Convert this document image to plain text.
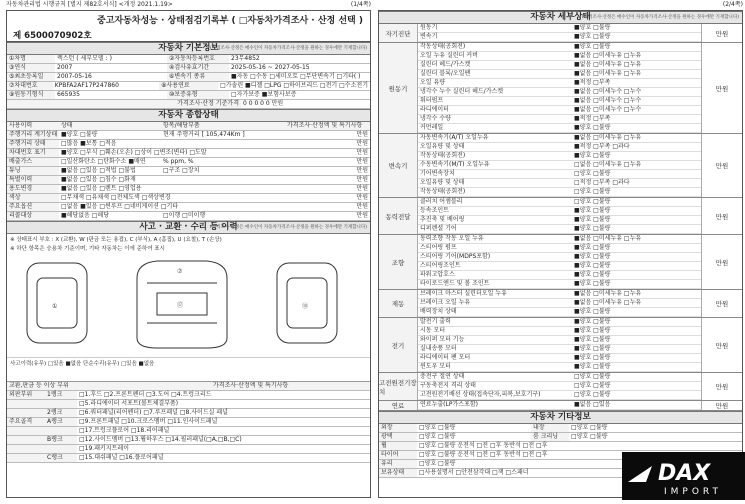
자동차관리법 시행규칙 [별지 제82호서식] <개정 2021.1.19>	(1/4쪽)
중고자동차성능 · 상태점검기록부 ( □자동차가격조사 · 산정 선택 )
제 6500070902호
자동차 기본정보
(가격조사·산정은 매수인이 자동차가격조사·산정을 원하는 경우에만 기재합니다)
①차명	렉스턴 ( 세부모델 : )	②자동차등록번호	23무4852
③연식	2007	④검사유효기간	2025-05-16 ~ 2027-05-15
⑤최초등록일	2007-05-16	⑥변속기 종류	■자동 □수동 □세미오토 □무단변속기 □기타( )
⑦차대번호	KPBFA2AF17P247860	⑧사용연료	□가솔린 ■디젤 □LPG □하이브리드 □전기 □수소전기
⑨원동기형식	665935	⑩보증유형	□자가보증 ■보험사보증
가격조사·산정 기준가격 0 0 0 0 0 만원
자동차 종합상태
사용이력	상태	항목/해당부품	가격조사·산정액 및 특기사항
주행거리 계기상태 ■양호 □불량	현재 주행거리 [ 105,474Km ]	만원
주행거리 상태	□많음 ■보통 □적음	만원
차대번호 표기	■양호 □부식 □훼손(오손) □상이 □변조(변타) □도말	만원
배출가스	□일산화탄소 □탄화수소 ■매연	% ppm, %	만원
튜닝	■없음 □있음 □적법 □불법	□구조 □장치	만원
특별이력	■없음 □있음 □침수 □화재	만원
용도변경	■없음 □있음 □렌트 □영업용	만원
색상	□무채색 □유채색 □전체도색 □색상변경	만원
주요옵션	□없음 ■있음 □썬루프 □네비게이션 □기타	만원
리콜대상	■해당없음 □해당	□이행 □미이행	만원
사고 · 교환 · 수리 등 이력
(가격조사·산정은 매수인이 자동차가격조사·산정을 원하는 경우에만 기재합니다)
※ 상태표시 부호 : X (교환), W (판금 또는 용접), C (부식), A (흠집), U (요철), T (손상)
※ 하단 항목은 승용차 기준이며, 기타 자동차는 이에 준하여 표시
①
⑦
⑰	⑱
사고이력(유무) □있음 ■없음 단순수리(유무) □있음 ■없음
교환,판금 등 이상 부위	가격조사·산정액 및 특기사항
외판부위	1랭크	□1.후드 □2.프론트펜더 □3.도어 □4.트렁크리드
□5.라디에이터 서포트(볼트체결부품)
2랭크	□6.쿼터패널(리어펜더) □7.루프패널 □8.사이드실 패널
주요골격	A랭크	□9.프론트패널 □10.크로스멤버 □11.인사이드패널
□17.트렁크플로어 □18.리어패널
B랭크	□12.사이드멤버 □13.휠하우스 □14.필러패널(□A,□B,□C)
□19.패키지트레이
C랭크	□15.대쉬패널 □16.플로어패널
(2/4쪽)
자동차 세부상태
(가격조사·산정은 매수인이 자동차가격조사·산정을 원하는 경우에만 기재합니다)
자기진단
원동기	■양호 □불량
변속기	■양호 □불량	만원
원동기
작동상태(공회전)	■양호 □불량
오일 누유 실린더 커버	■없음 □미세누유 □누유
실린더 헤드/가스켓	■없음 □미세누유 □누유
실린더 블록/오일팬	■없음 □미세누유 □누유
오일 유량	■적정 □부족
냉각수 누수 실린더 헤드/가스켓	■없음 □미세누수 □누수
워터펌프	■없음 □미세누수 □누수
라디에이터	■없음 □미세누수 □누수
냉각수 수량	■적정 □부족
커먼레일	■양호 □불량
만원
변속기
자동변속기(A/T) 오일누유	■없음 □미세누유 □누유
오일유량 및 상태	■적정 □부족 □과다
작동상태(공회전)	■양호 □불량
수동변속기(M/T) 오일누유	□없음 □미세누유 □누유
기어변속장치	□양호 □불량
오일유량 및 상태	□적정 □부족 □과다
작동상태(공회전)	□양호 □불량
만원
동력전달
클러치 어셈블리	□양호 □불량
등속조인트	■양호 □불량
추진축 및 베어링	■양호 □불량
디퍼렌셜 기어	■양호 □불량
만원
조향
동력조향 작동 오일 누유	■없음 □미세누유 □누유
스티어링 펌프	■양호 □불량
스티어링 기어(MDPS포함)	■양호 □불량
스티어링조인트	■양호 □불량
파워고압호스	■양호 □불량
타이로드엔드 및 볼 조인트	■양호 □불량
만원
제동
브레이크 마스터 실린더오일 누유	■없음 □미세누유 □누유
브레이크 오일 누유	■없음 □미세누유 □누유
배력장치 상태	■양호 □불량
만원
전기
발전기 출력	■양호 □불량
시동 모터	■양호 □불량
와이퍼 모터 기능	■양호 □불량
실내송풍 모터	■양호 □불량
라디에이터 팬 모터	■양호 □불량
윈도우 모터	■양호 □불량
만원
고전원전기장치
충전구 절연 상태	□양호 □불량
구동축전지 격리 상태	□양호 □불량
고전원전기배선 상태(접속단자,피복,보호기구)	□양호 □불량
만원
연료	연료누출(LP가스포함)	■없음 □있음	만원
자동차 기타정보
외장	□양호 □불량	내장	□양호 □불량
광택	□양호 □불량	룸 크리닝	□양호 □불량
휠	□양호 □불량 운전석 □전 □후 동반석 □전 □후
타이어	□양호 □불량 운전석 □전 □후 동반석 □전 □후
유리	□양호 □불량
보유상태	□사용설명서 □안전삼각대 □잭 □스패너	DAX
IMPORT
